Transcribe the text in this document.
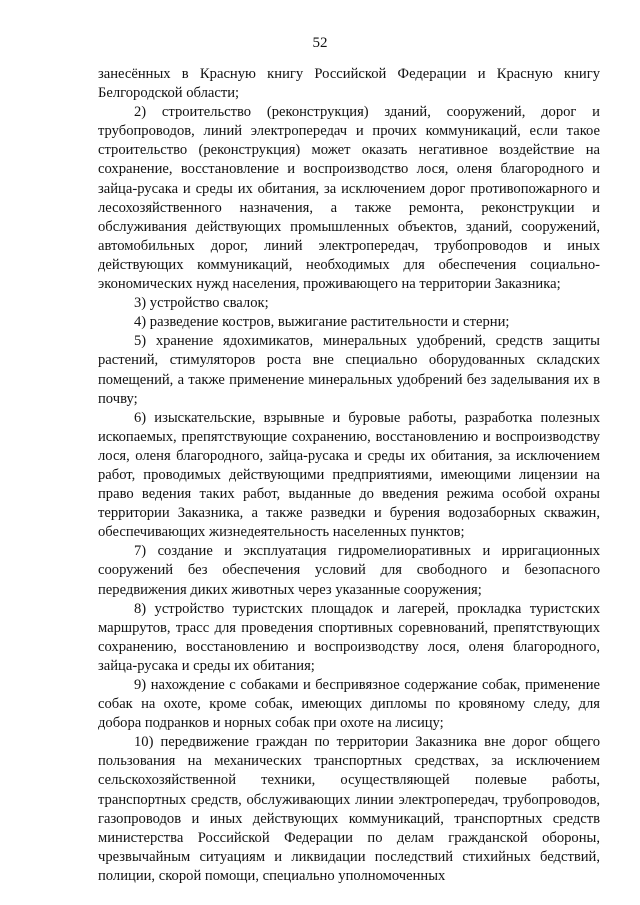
52

занесённых в Красную книгу Российской Федерации и Красную книгу Белгородской области;

2) строительство (реконструкция) зданий, сооружений, дорог и трубопроводов, линий электропередач и прочих коммуникаций, если такое строительство (реконструкция) может оказать негативное воздействие на сохранение, восстановление и воспроизводство лося, оленя благородного и зайца-русака и среды их обитания, за исключением дорог противопожарного и лесохозяйственного назначения, а также ремонта, реконструкции и обслуживания действующих промышленных объектов, зданий, сооружений, автомобильных дорог, линий электропередач, трубопроводов и иных действующих коммуникаций, необходимых для обеспечения социально-экономических нужд населения, проживающего на территории Заказника;

3) устройство свалок;

4) разведение костров, выжигание растительности и стерни;

5) хранение ядохимикатов, минеральных удобрений, средств защиты растений, стимуляторов роста вне специально оборудованных складских помещений, а также применение минеральных удобрений без заделывания их в почву;

6) изыскательские, взрывные и буровые работы, разработка полезных ископаемых, препятствующие сохранению, восстановлению и воспроизводству лося, оленя благородного, зайца-русака и среды их обитания, за исключением работ, проводимых действующими предприятиями, имеющими лицензии на право ведения таких работ, выданные до введения режима особой охраны территории Заказника, а также разведки и бурения водозаборных скважин, обеспечивающих жизнедеятельность населенных пунктов;

7) создание и эксплуатация гидромелиоративных и ирригационных сооружений без обеспечения условий для свободного и безопасного передвижения диких животных через указанные сооружения;

8) устройство туристских площадок и лагерей, прокладка туристских маршрутов, трасс для проведения спортивных соревнований, препятствующих сохранению, восстановлению и воспроизводству лося, оленя благородного, зайца-русака и среды их обитания;

9) нахождение с собаками и беспривязное содержание собак, применение собак на охоте, кроме собак, имеющих дипломы по кровяному следу, для добора подранков и норных собак при охоте на лисицу;

10) передвижение граждан по территории Заказника вне дорог общего пользования на механических транспортных средствах, за исключением сельскохозяйственной техники, осуществляющей полевые работы, транспортных средств, обслуживающих линии электропередач, трубопроводов, газопроводов и иных действующих коммуникаций, транспортных средств министерства Российской Федерации по делам гражданской обороны, чрезвычайным ситуациям и ликвидации последствий стихийных бедствий, полиции, скорой помощи, специально уполномоченных
